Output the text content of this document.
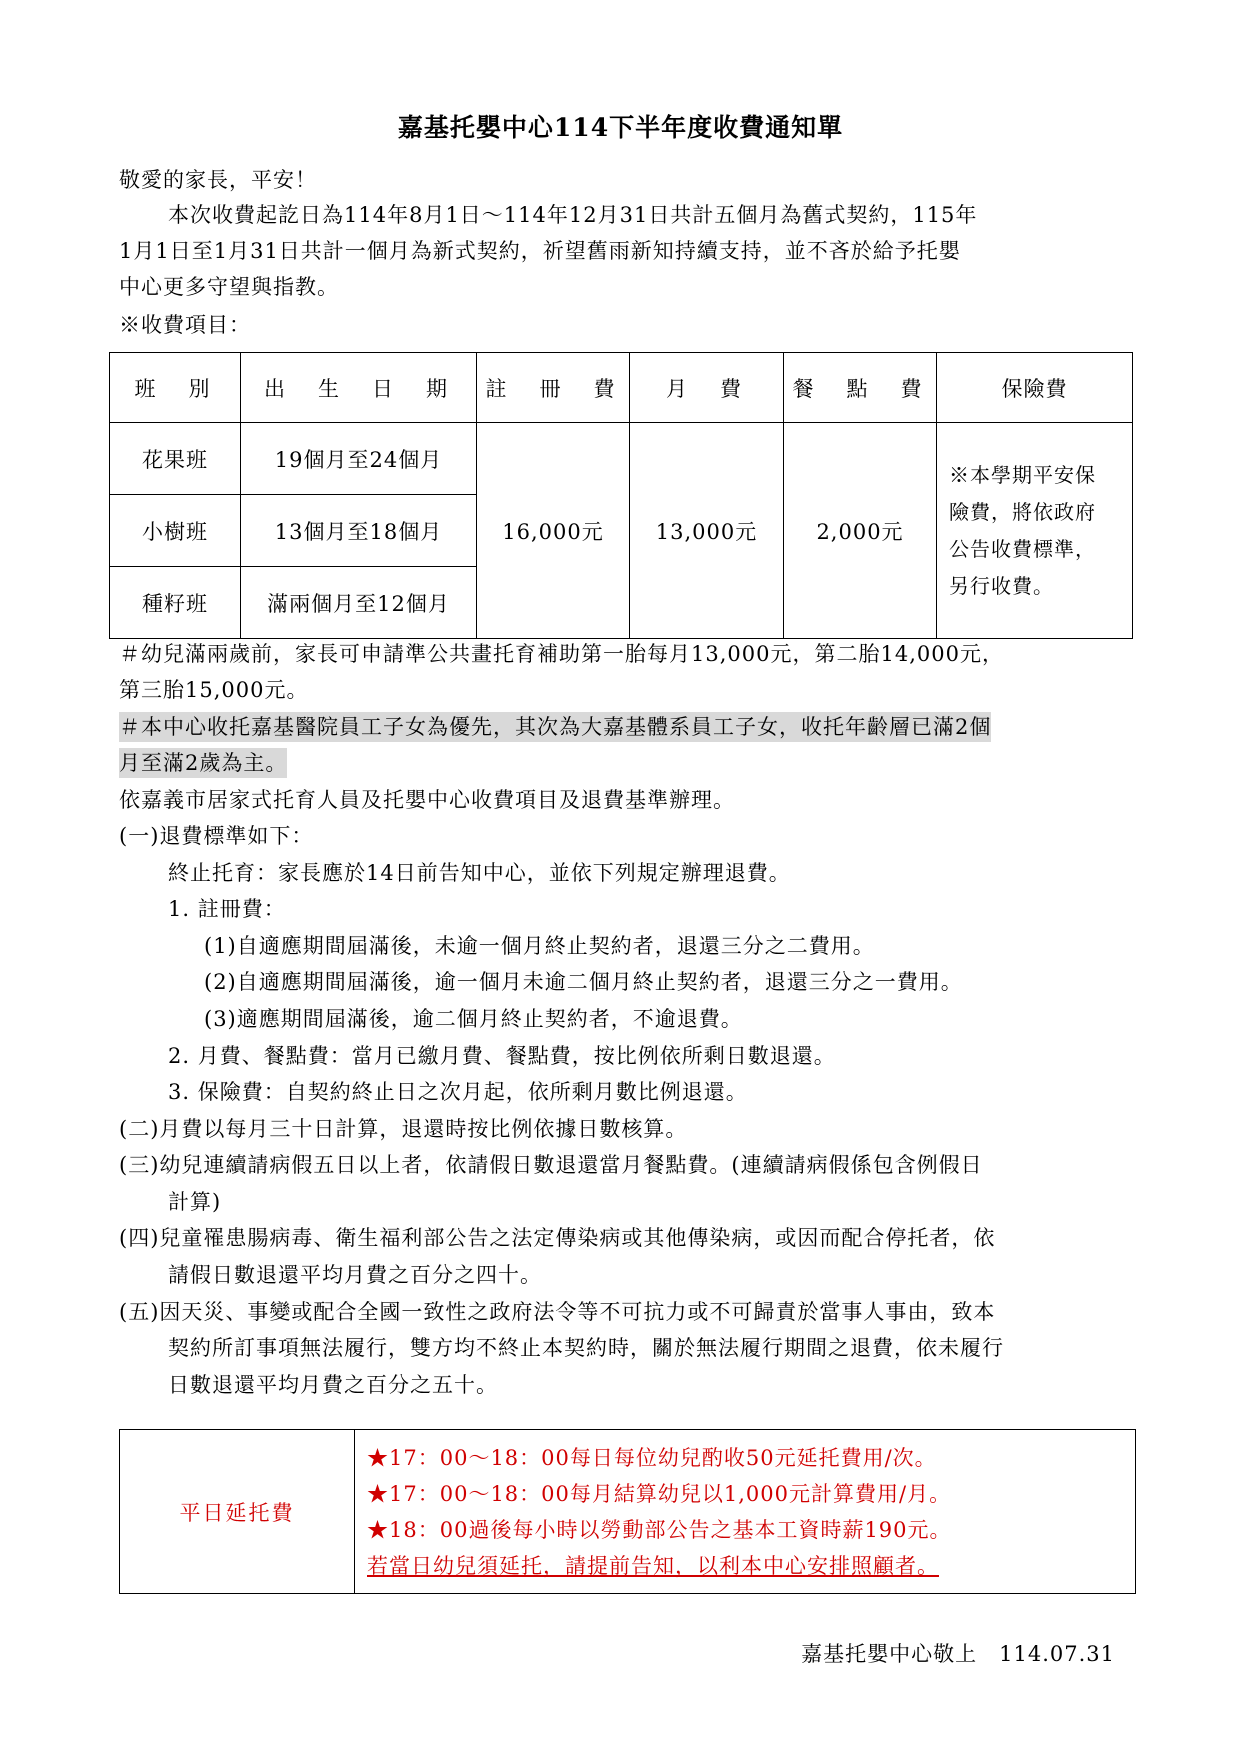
嘉基托嬰中心114下半年度收費通知單
敬愛的家長，平安！
本次收費起訖日為114年8月1日～114年12月31日共計五個月為舊式契約，115年
1月1日至1月31日共計一個月為新式契約，祈望舊雨新知持續支持，並不吝於給予托嬰
中心更多守望與指教。
※收費項目：
班　別	出　生　日　期	註　冊　費	月　費	餐　點　費	保險費
花果班	19個月至24個月	16,000元	13,000元	2,000元	※本學期平安保
險費，將依政府
公告收費標準，
另行收費。

小樹班	13個月至18個月				
種籽班	滿兩個月至12個月				
＃幼兒滿兩歲前，家長可申請準公共畫托育補助第一胎每月13,000元，第二胎14,000元，
第三胎15,000元。
＃本中心收托嘉基醫院員工子女為優先，其次為大嘉基體系員工子女，收托年齡層已滿2個
月至滿2歲為主。
依嘉義市居家式托育人員及托嬰中心收費項目及退費基準辦理。
(一)退費標準如下：
終止托育：家長應於14日前告知中心，並依下列規定辦理退費。
1. 註冊費：
(1)自適應期間屆滿後，未逾一個月終止契約者，退還三分之二費用。
(2)自適應期間屆滿後，逾一個月未逾二個月終止契約者，退還三分之一費用。
(3)適應期間屆滿後，逾二個月終止契約者，不逾退費。
2. 月費、餐點費：當月已繳月費、餐點費，按比例依所剩日數退還。
3. 保險費：自契約終止日之次月起，依所剩月數比例退還。
(二)月費以每月三十日計算，退還時按比例依據日數核算。
(三)幼兒連續請病假五日以上者，依請假日數退還當月餐點費。(連續請病假係包含例假日
計算)
(四)兒童罹患腸病毒、衛生福利部公告之法定傳染病或其他傳染病，或因而配合停托者，依
請假日數退還平均月費之百分之四十。
(五)因天災、事變或配合全國一致性之政府法令等不可抗力或不可歸責於當事人事由，致本
契約所訂事項無法履行，雙方均不終止本契約時，關於無法履行期間之退費，依未履行
日數退還平均月費之百分之五十。
平日延托費	
★17：00～18：00每日每位幼兒酌收50元延托費用/次。
★17：00～18：00每月結算幼兒以1,000元計算費用/月。
★18：00過後每小時以勞動部公告之基本工資時薪190元。
若當日幼兒須延托，請提前告知，以利本中心安排照顧者。
嘉基托嬰中心敬上　114.07.31
